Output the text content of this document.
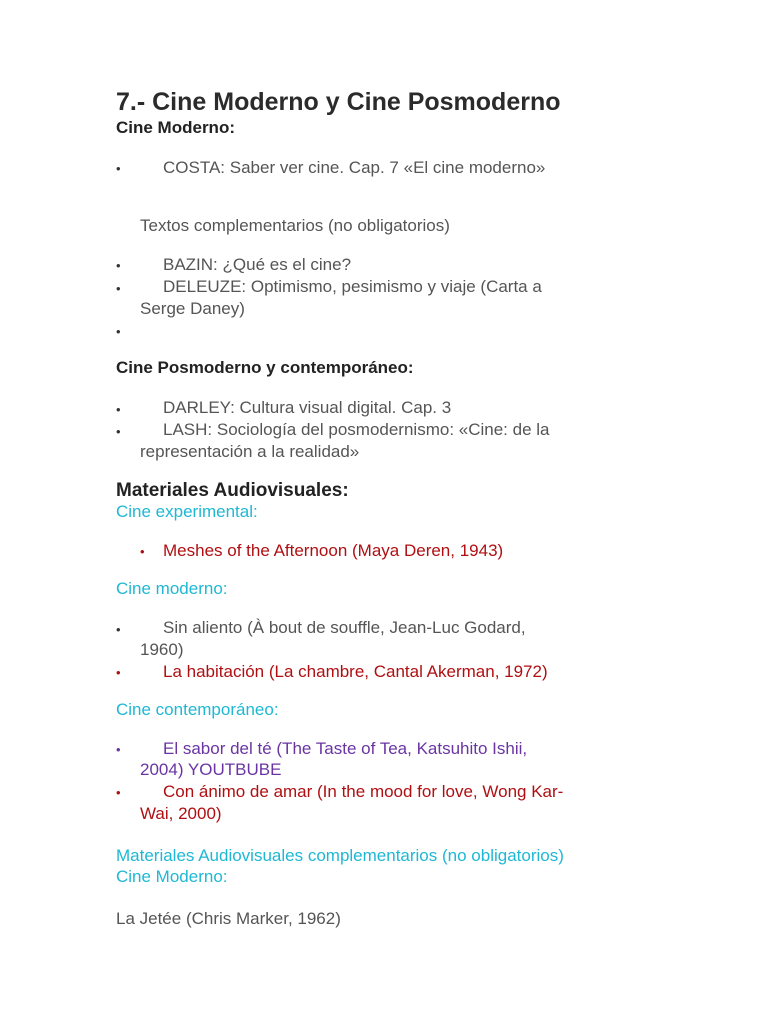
7.- Cine Moderno y Cine Posmoderno
Cine Moderno:
• COSTA: Saber ver cine. Cap. 7 «El cine moderno»
Textos complementarios (no obligatorios)
• BAZIN: ¿Qué es el cine?
• DELEUZE: Optimismo, pesimismo y viaje (Carta a
Serge Daney)
•
Cine Posmoderno y contemporáneo:
• DARLEY: Cultura visual digital. Cap. 3
• LASH: Sociología del posmodernismo: «Cine: de la
representación a la realidad»
Materiales Audiovisuales:
Cine experimental:
• Meshes of the Afternoon (Maya Deren, 1943)
Cine moderno:
• Sin aliento (À bout de souffle, Jean-Luc Godard,
1960)
• La habitación (La chambre, Cantal Akerman, 1972)
Cine contemporáneo:
• El sabor del té (The Taste of Tea, Katsuhito Ishii,
2004) YOUTBUBE
• Con ánimo de amar (In the mood for love, Wong Kar-
Wai, 2000)
Materiales Audiovisuales complementarios (no obligatorios)
Cine Moderno:
La Jetée (Chris Marker, 1962)
